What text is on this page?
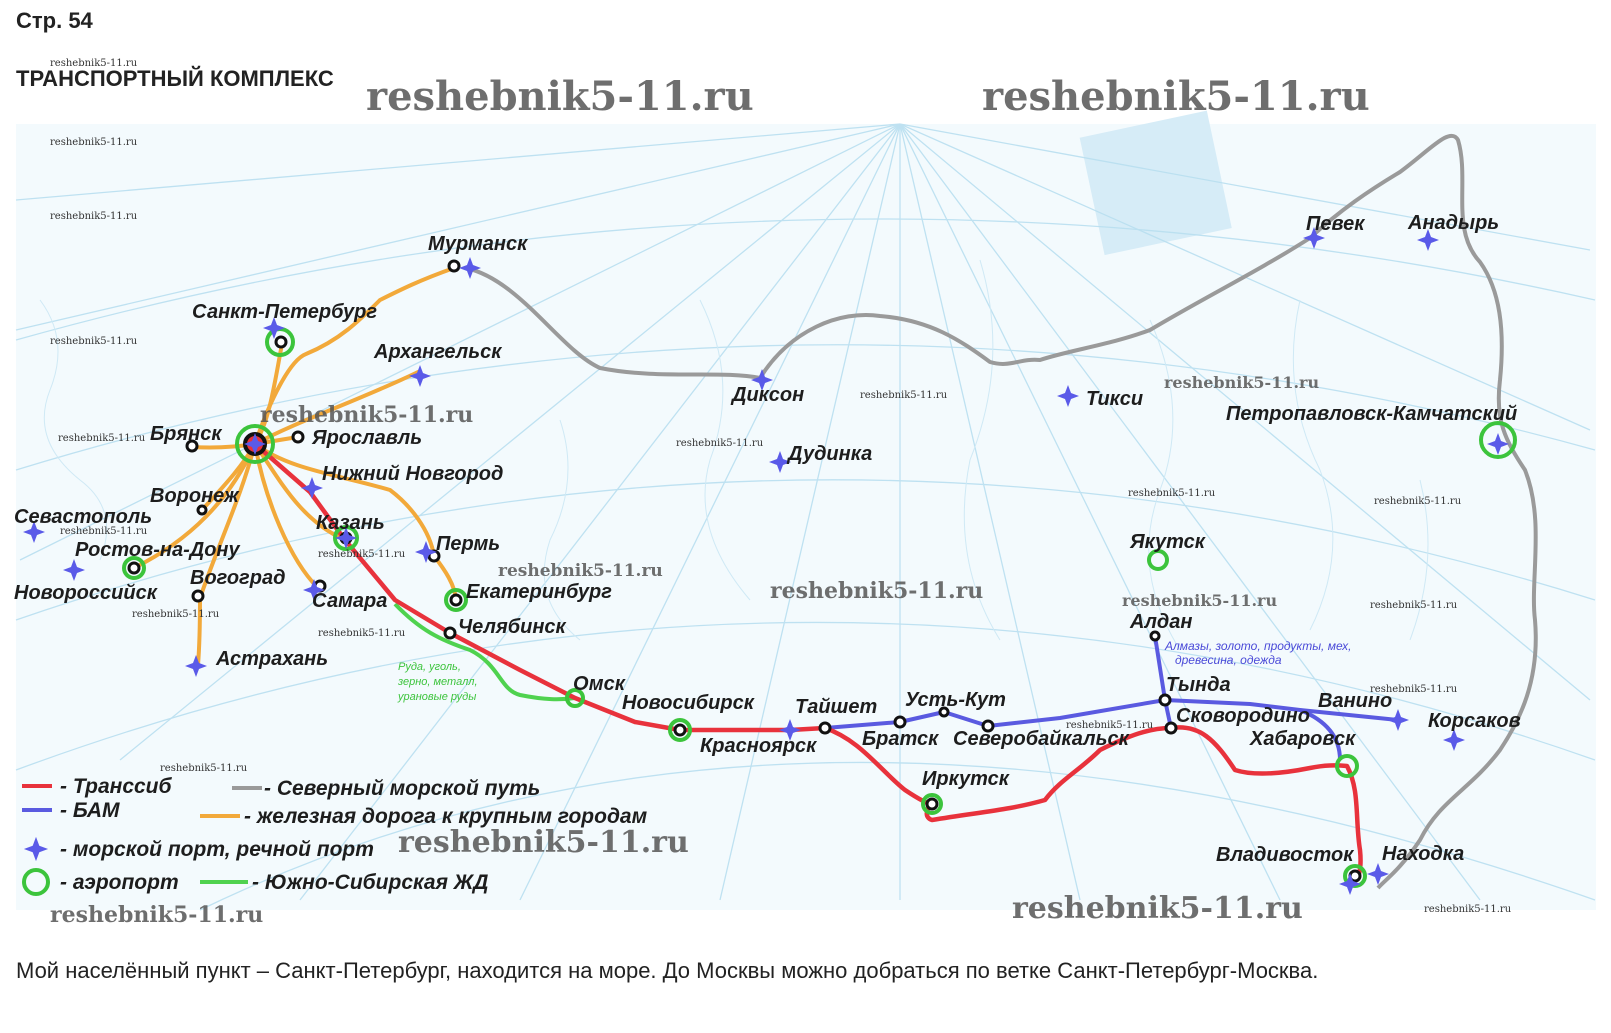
Стр. 54
ТРАНСПОРТНЫЙ КОМПЛЕКС
Алмазы, золото, продукты, мех,
древесина, одежда
Руда, уголь,
зерно, металл,
урановые руды
Мурманск
Санкт-Петербург
Архангельск
Брянск	Ярославль
Нижний Новгород
Воронеж
Севастополь	Казань
Пермь
Ростов-на-Дону
Вогоград
Новороссийск	Самара	Екатеринбург
Челябинск
Астрахань
Омск
Новосибирск
Красноярск
Тайшет Усть-Кут
Братск Северобайкальск
Иркутск
Диксон
Дудинка
Тикси
Певек Анадырь
Петропавловск-Камчатский
Якутск
Алдан
Тында
Сковородино
Ванино
Хабаровск
Корсаков
Владивосток Находка
- Транссиб
- БАМ
- Северный морской путь
- железная дорога к крупным городам
- морской порт, речной порт
- аэропорт	- Южно-Сибирская ЖД
reshebnik5-11.ru	reshebnik5-11.ru
reshebnik5-11.ru
reshebnik5-11.ru
reshebnik5-11.ru
reshebnik5-11.ru
reshebnik5-11.ru
reshebnik5-11.ru
reshebnik5-11.ru
reshebnik5-11.ru
reshebnik5-11.ru
reshebnik5-11.ru
reshebnik5-11.ru
reshebnik5-11.ru
reshebnik5-11.ru
reshebnik5-11.ru
reshebnik5-11.ru
reshebnik5-11.ru
reshebnik5-11.ru
reshebnik5-11.ru
reshebnik5-11.ru
reshebnik5-11.ru
reshebnik5-11.ru
reshebnik5-11.ru
reshebnik5-11.ru
reshebnik5-11.ru
reshebnik5-11.ru
reshebnik5-11.ru
Мой населённый пункт – Санкт-Петербург, находится на море. До Москвы можно добраться по ветке Санкт-Петербург-Москва.
